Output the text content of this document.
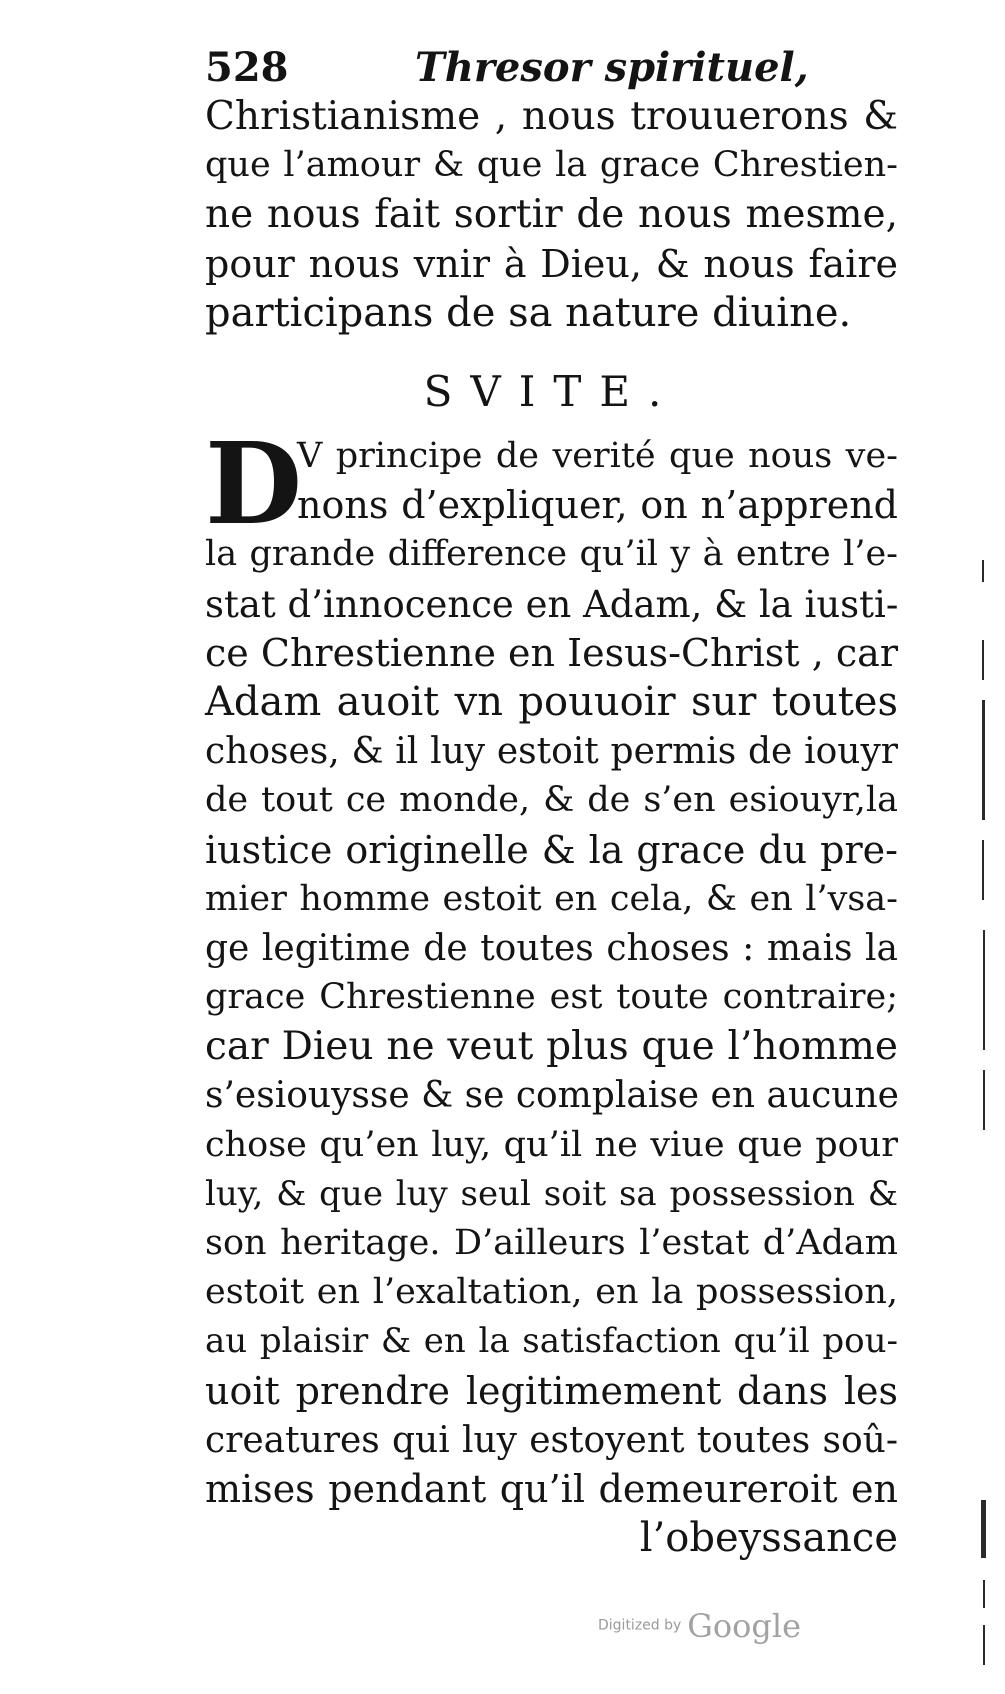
528	Thresor spirituel,
Christianisme , nous trouuerons &
que l’amour & que la grace Chrestien-
ne nous fait sortir de nous mesme,
pour nous vnir à Dieu, & nous faire
participans de sa nature diuine.
SVITE.
D
V principe de verité que nous ve-
nons d’expliquer, on n’apprend
la grande difference qu’il y à entre l’e-
stat d’innocence en Adam, & la iusti-
ce Chrestienne en Iesus-Christ , car
Adam auoit vn pouuoir sur toutes
choses, & il luy estoit permis de iouyr
de tout ce monde, & de s’en esiouyr,la
iustice originelle & la grace du pre-
mier homme estoit en cela, & en l’vsa-
ge legitime de toutes choses : mais la
grace Chrestienne est toute contraire;
car Dieu ne veut plus que l’homme
s’esiouysse & se complaise en aucune
chose qu’en luy, qu’il ne viue que pour
luy, & que luy seul soit sa possession &
son heritage. D’ailleurs l’estat d’Adam
estoit en l’exaltation, en la possession,
au plaisir & en la satisfaction qu’il pou-
uoit prendre legitimement dans les
creatures qui luy estoyent toutes soû-
mises pendant qu’il demeureroit en
l’obeyssance
Digitized by Google
